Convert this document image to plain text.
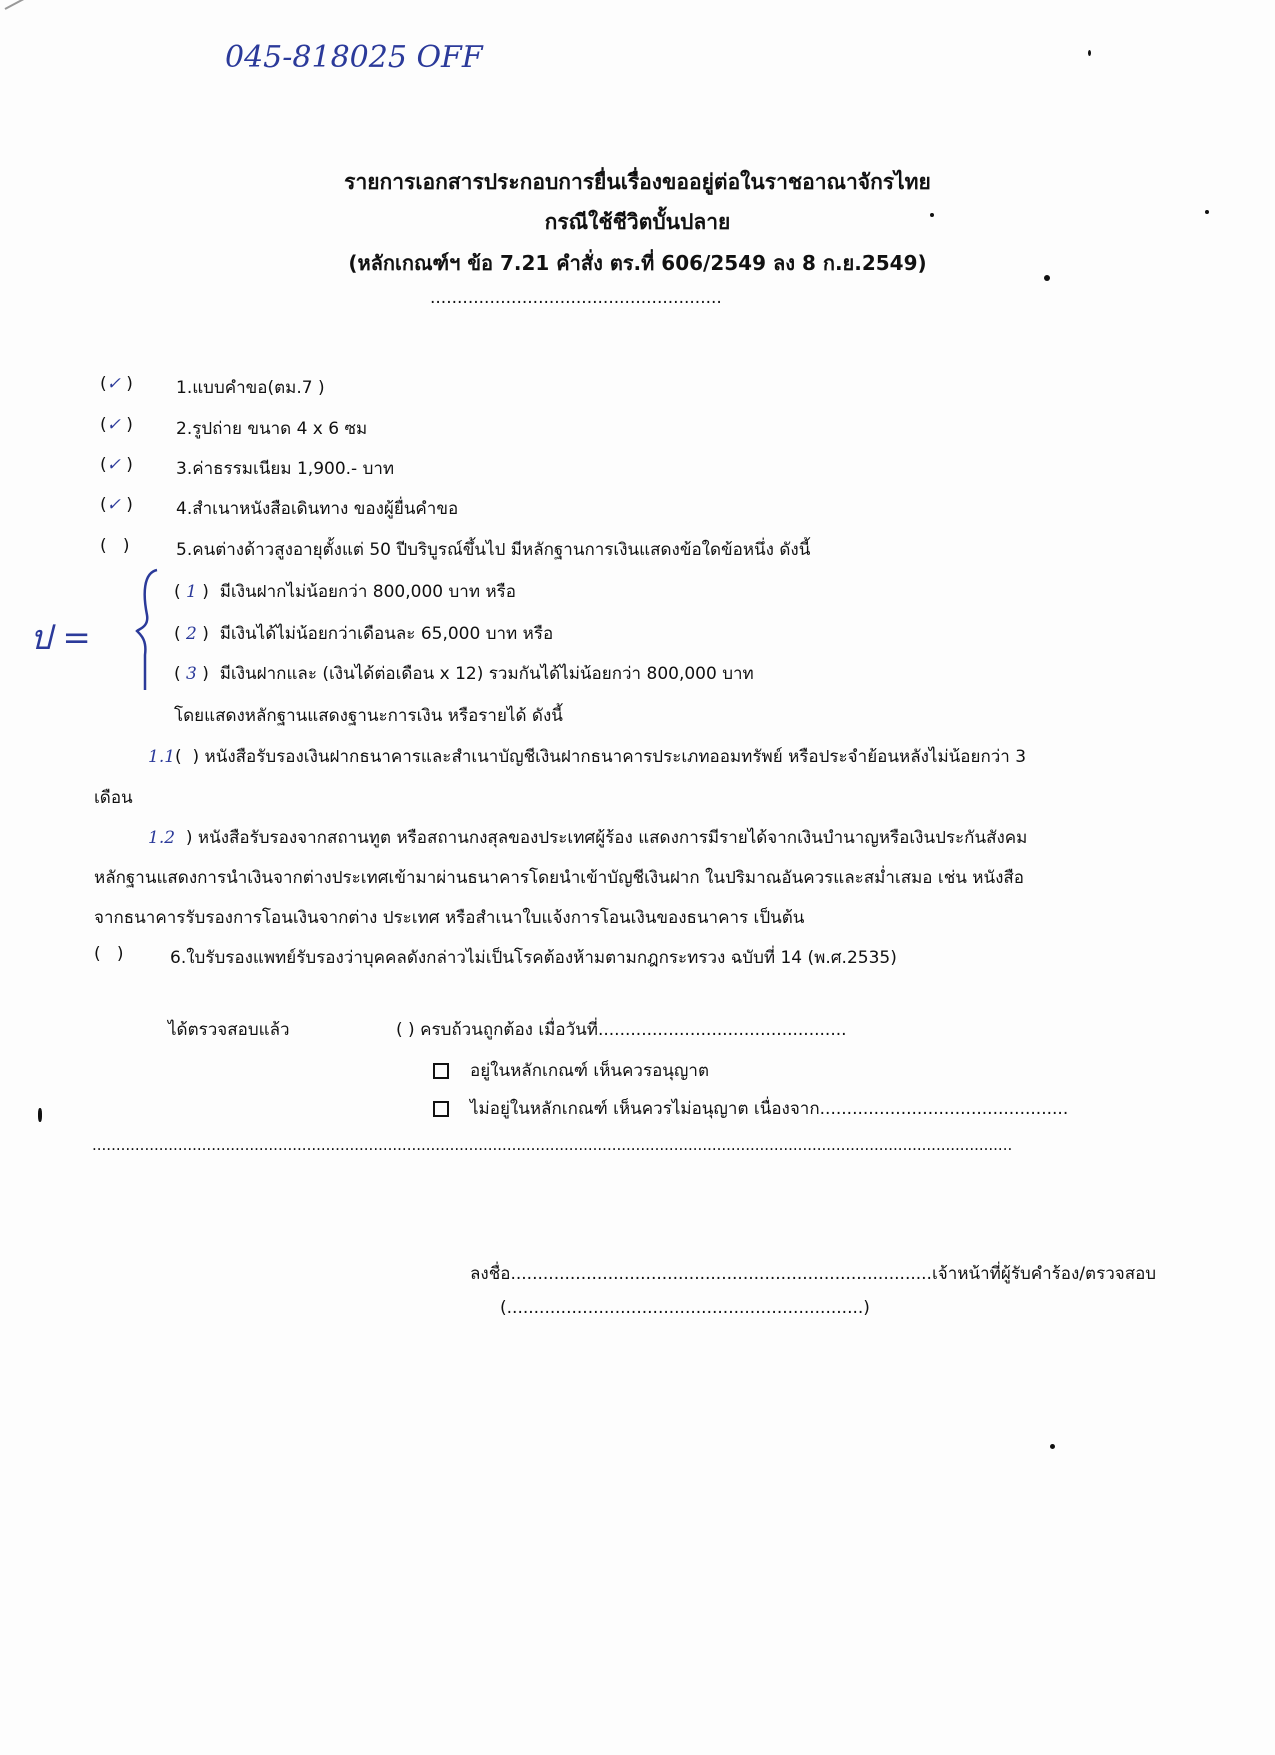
045-818025 OFF
รายการเอกสารประกอบการยื่นเรื่องขออยู่ต่อในราชอาณาจักรไทย
กรณีใช้ชีวิตบั้นปลาย
(หลักเกณฑ์ฯ ข้อ 7.21 คำสั่ง ตร.ที่ 606/2549 ลง 8 ก.ย.2549)
......................................................
(✓ )	1.แบบคำขอ(ตม.7 )
(✓ )	2.รูปถ่าย ขนาด 4 x 6 ซม
(✓ )	3.ค่าธรรมเนียม 1,900.- บาท
(✓ )	4.สำเนาหนังสือเดินทาง ของผู้ยื่นคำขอ
(   )	5.คนต่างด้าวสูงอายุตั้งแต่ 50 ปีบริบูรณ์ขึ้นไป มีหลักฐานการเงินแสดงข้อใดข้อหนึ่ง ดังนี้
ป =
( 1 )  มีเงินฝากไม่น้อยกว่า 800,000 บาท หรือ
( 2 )  มีเงินได้ไม่น้อยกว่าเดือนละ 65,000 บาท หรือ
( 3 )  มีเงินฝากและ (เงินได้ต่อเดือน x 12) รวมกันได้ไม่น้อยกว่า 800,000 บาท
โดยแสดงหลักฐานแสดงฐานะการเงิน หรือรายได้ ดังนี้
1.1(  ) หนังสือรับรองเงินฝากธนาคารและสำเนาบัญชีเงินฝากธนาคารประเภทออมทรัพย์ หรือประจำย้อนหลังไม่น้อยกว่า 3
เดือน
1.2  ) หนังสือรับรองจากสถานทูต หรือสถานกงสุลของประเทศผู้ร้อง แสดงการมีรายได้จากเงินบำนาญหรือเงินประกันสังคม
หลักฐานแสดงการนำเงินจากต่างประเทศเข้ามาผ่านธนาคารโดยนำเข้าบัญชีเงินฝาก ในปริมาณอันควรและสม่ำเสมอ เช่น หนังสือ
จากธนาคารรับรองการโอนเงินจากต่าง ประเทศ หรือสำเนาใบแจ้งการโอนเงินของธนาคาร เป็นต้น
(   )	6.ใบรับรองแพทย์รับรองว่าบุคคลดังกล่าวไม่เป็นโรคต้องห้ามตามกฎกระทรวง ฉบับที่ 14 (พ.ศ.2535)
ได้ตรวจสอบแล้ว	( ) ครบถ้วนถูกต้อง เมื่อวันที่..............................................
อยู่ในหลักเกณฑ์ เห็นควรอนุญาต
ไม่อยู่ในหลักเกณฑ์ เห็นควรไม่อนุญาต เนื่องจาก..............................................
.................................................................................................................................................................................................
ลงชื่อ..............................................................................เจ้าหน้าที่ผู้รับคำร้อง/ตรวจสอบ
(..................................................................)
